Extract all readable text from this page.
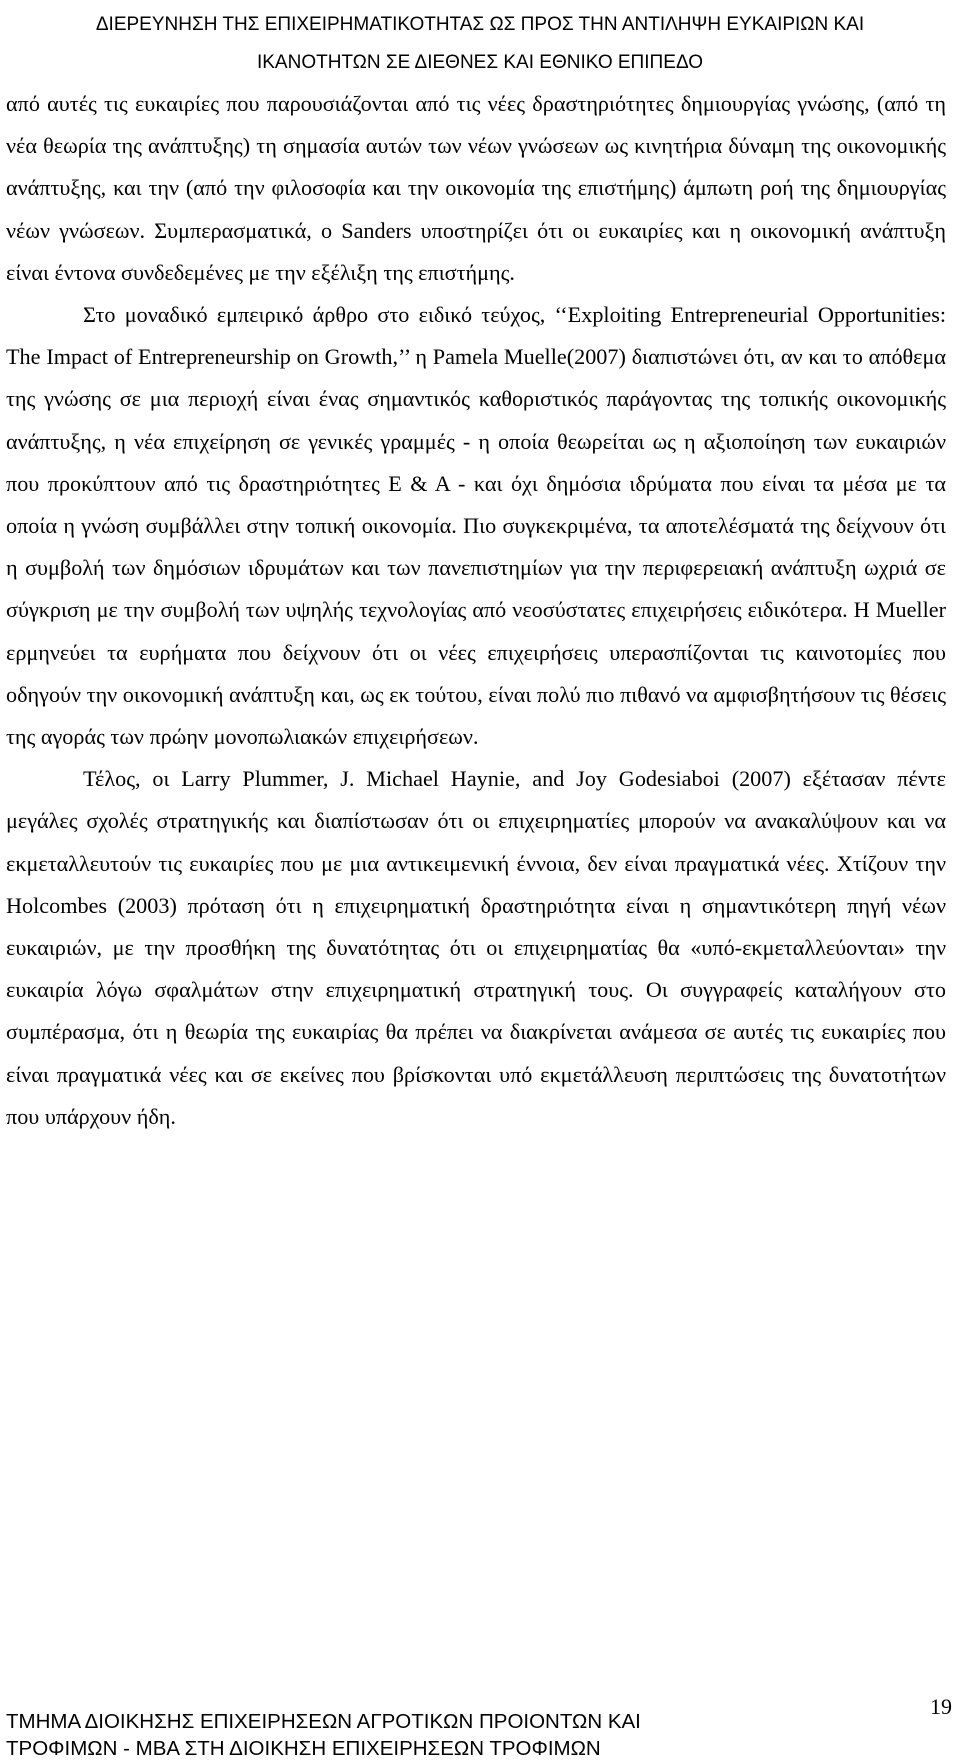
ΔΙΕΡΕΥΝΗΣΗ ΤΗΣ ΕΠΙΧΕΙΡΗΜΑΤΙΚΟΤΗΤΑΣ ΩΣ ΠΡΟΣ ΤΗΝ ΑΝΤΙΛΗΨΗ ΕΥΚΑΙΡΙΩΝ ΚΑΙ
ΙΚΑΝΟΤΗΤΩΝ ΣΕ ΔΙΕΘΝΕΣ ΚΑΙ ΕΘΝΙΚΟ ΕΠΙΠΕΔΟ

από αυτές τις ευκαιρίες που παρουσιάζονται από τις νέες δραστηριότητες δημιουργίας γνώσης, (από τη νέα θεωρία της ανάπτυξης) τη σημασία αυτών των νέων γνώσεων ως κινητήρια δύναμη της οικονομικής ανάπτυξης, και την (από την φιλοσοφία και την οικονομία της επιστήμης) άμπωτη ροή της δημιουργίας νέων γνώσεων. Συμπερασματικά, ο Sanders υποστηρίζει ότι οι ευκαιρίες και η οικονομική ανάπτυξη είναι έντονα συνδεδεμένες με την εξέλιξη της επιστήμης.

Στο μοναδικό εμπειρικό άρθρο στο ειδικό τεύχος, ‘‘Exploiting Entrepreneurial Opportunities: The Impact of Entrepreneurship on Growth,’’ η Pamela Muelle(2007) διαπιστώνει ότι, αν και το απόθεμα της γνώσης σε μια περιοχή είναι ένας σημαντικός καθοριστικός παράγοντας της τοπικής οικονομικής ανάπτυξης, η νέα επιχείρηση σε γενικές γραμμές - η οποία θεωρείται ως η αξιοποίηση των ευκαιριών που προκύπτουν από τις δραστηριότητες Ε & Α - και όχι δημόσια ιδρύματα που είναι τα μέσα με τα οποία η γνώση συμβάλλει στην τοπική οικονομία. Πιο συγκεκριμένα, τα αποτελέσματά της δείχνουν ότι η συμβολή των δημόσιων ιδρυμάτων και των πανεπιστημίων για την περιφερειακή ανάπτυξη ωχριά σε σύγκριση με την συμβολή των υψηλής τεχνολογίας από νεοσύστατες επιχειρήσεις ειδικότερα. Η Mueller ερμηνεύει τα ευρήματα που δείχνουν ότι οι νέες επιχειρήσεις υπερασπίζονται τις καινοτομίες που οδηγούν την οικονομική ανάπτυξη και, ως εκ τούτου, είναι πολύ πιο πιθανό να αμφισβητήσουν τις θέσεις της αγοράς των πρώην μονοπωλιακών επιχειρήσεων.

Τέλος, οι Larry Plummer, J. Michael Haynie, and Joy Godesiaboi (2007) εξέτασαν πέντε μεγάλες σχολές στρατηγικής και διαπίστωσαν ότι οι επιχειρηματίες μπορούν να ανακαλύψουν και να εκμεταλλευτούν τις ευκαιρίες που με μια αντικειμενική έννοια, δεν είναι πραγματικά νέες. Χτίζουν την Holcombes (2003) πρόταση ότι η επιχειρηματική δραστηριότητα είναι η σημαντικότερη πηγή νέων ευκαιριών, με την προσθήκη της δυνατότητας ότι οι επιχειρηματίας θα «υπό-εκμεταλλεύονται» την ευκαιρία λόγω σφαλμάτων στην επιχειρηματική στρατηγική τους. Οι συγγραφείς καταλήγουν στο συμπέρασμα, ότι η θεωρία της ευκαιρίας θα πρέπει να διακρίνεται ανάμεσα σε αυτές τις ευκαιρίες που είναι πραγματικά νέες και σε εκείνες που βρίσκονται υπό εκμετάλλευση περιπτώσεις της δυνατοτήτων που υπάρχουν ήδη.

19
ΤΜΗΜΑ ΔΙΟΙΚΗΣΗΣ ΕΠΙΧΕΙΡΗΣΕΩΝ ΑΓΡΟΤΙΚΩΝ ΠΡΟΙΟΝΤΩΝ ΚΑΙ
ΤΡΟΦΙΜΩΝ - ΜΒΑ ΣΤΗ ΔΙΟΙΚΗΣΗ ΕΠΙΧΕΙΡΗΣΕΩΝ ΤΡΟΦΙΜΩΝ
